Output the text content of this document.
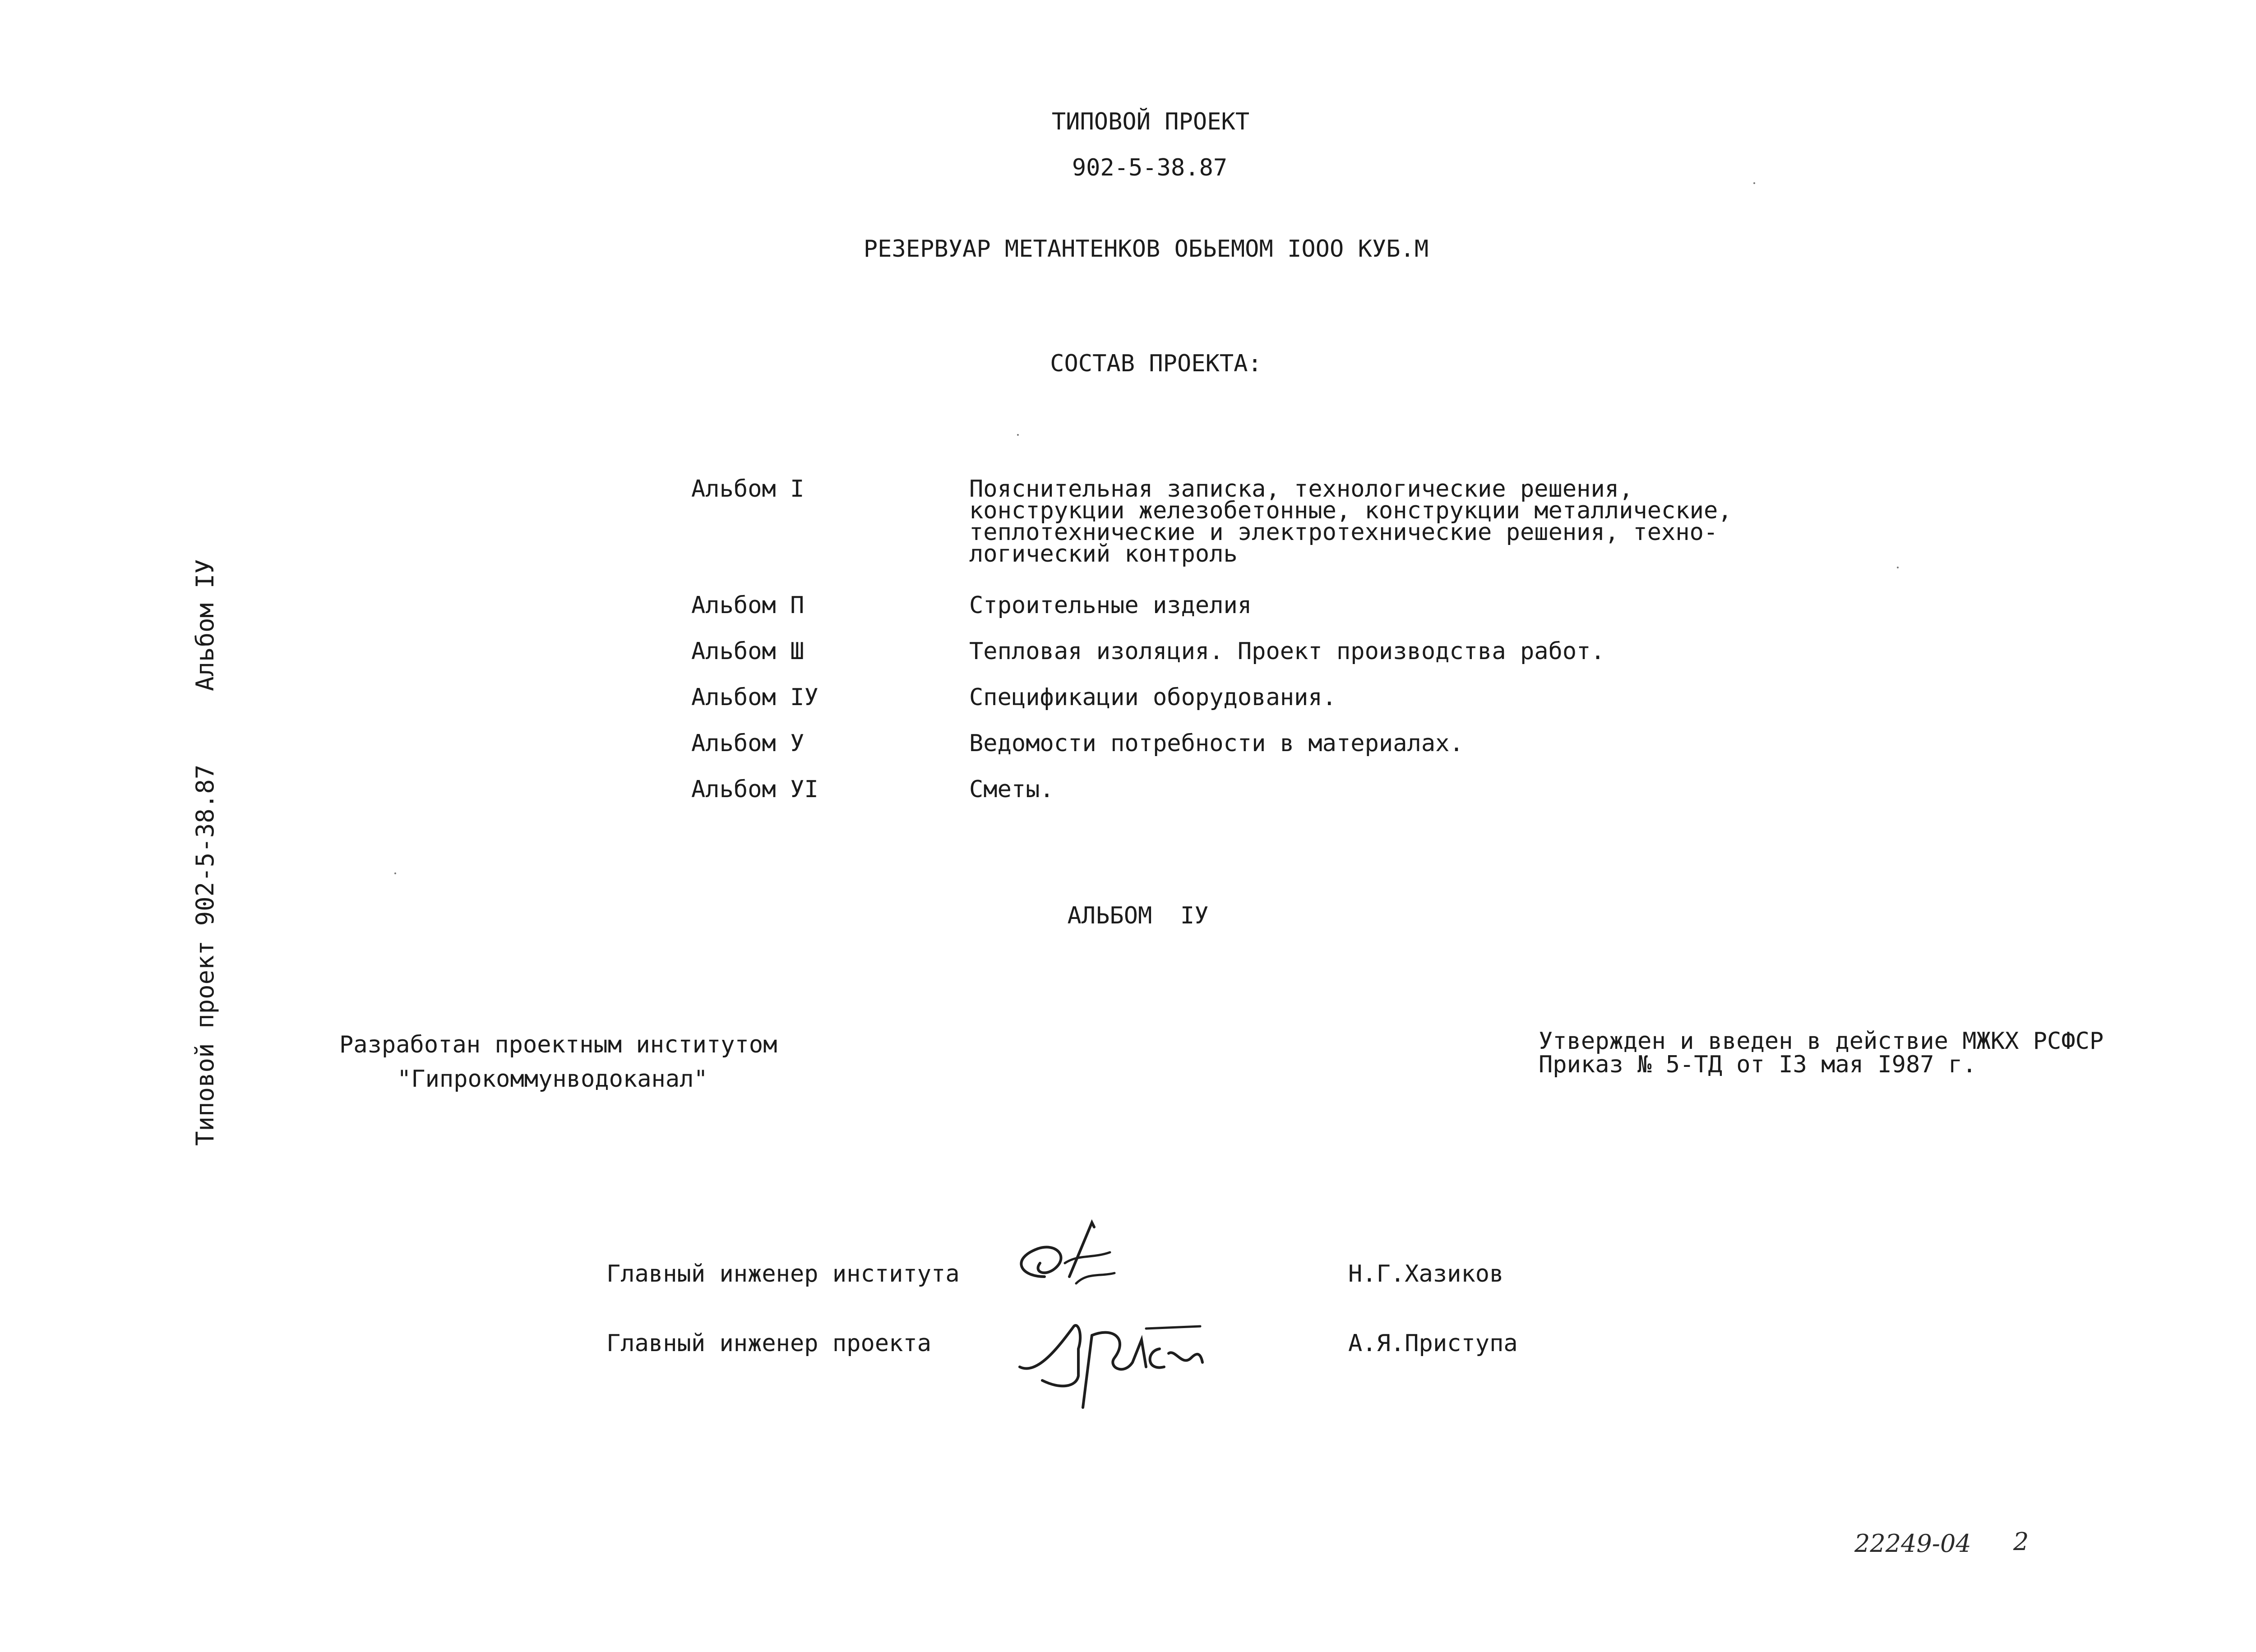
ТИПОВОЙ ПРОЕКТ
902-5-38.87
РЕЗЕРВУАР МЕТАНТЕНКОВ ОБЬЕМОМ IOOO КУБ.М
СОСТАВ ПРОЕКТА:
Альбом I	Пояснительная записка, технологические решения,
конструкции железобетонные, конструкции металлические,
теплотехнические и электротехнические решения, техно-
логический контроль
Альбом П	Строительные изделия
Альбом Ш	Тепловая изоляция. Проект производства работ.
Альбом IУ	Спецификации оборудования.
Альбом У	Ведомости потребности в материалах.
Альбом УI	Сметы.
АЛЬБОМ  IУ
Разработан проектным институтом
"Гипрокоммунводоканал"
Утвержден и введен в действие МЖКХ РСФСР
Приказ № 5-ТД от I3 мая I987 г.
Главный инженер института	Н.Г.Хазиков
Главный инженер проекта	А.Я.Приступа
Типовой проект 902-5-38.87
Альбом IУ
22249-04 2
